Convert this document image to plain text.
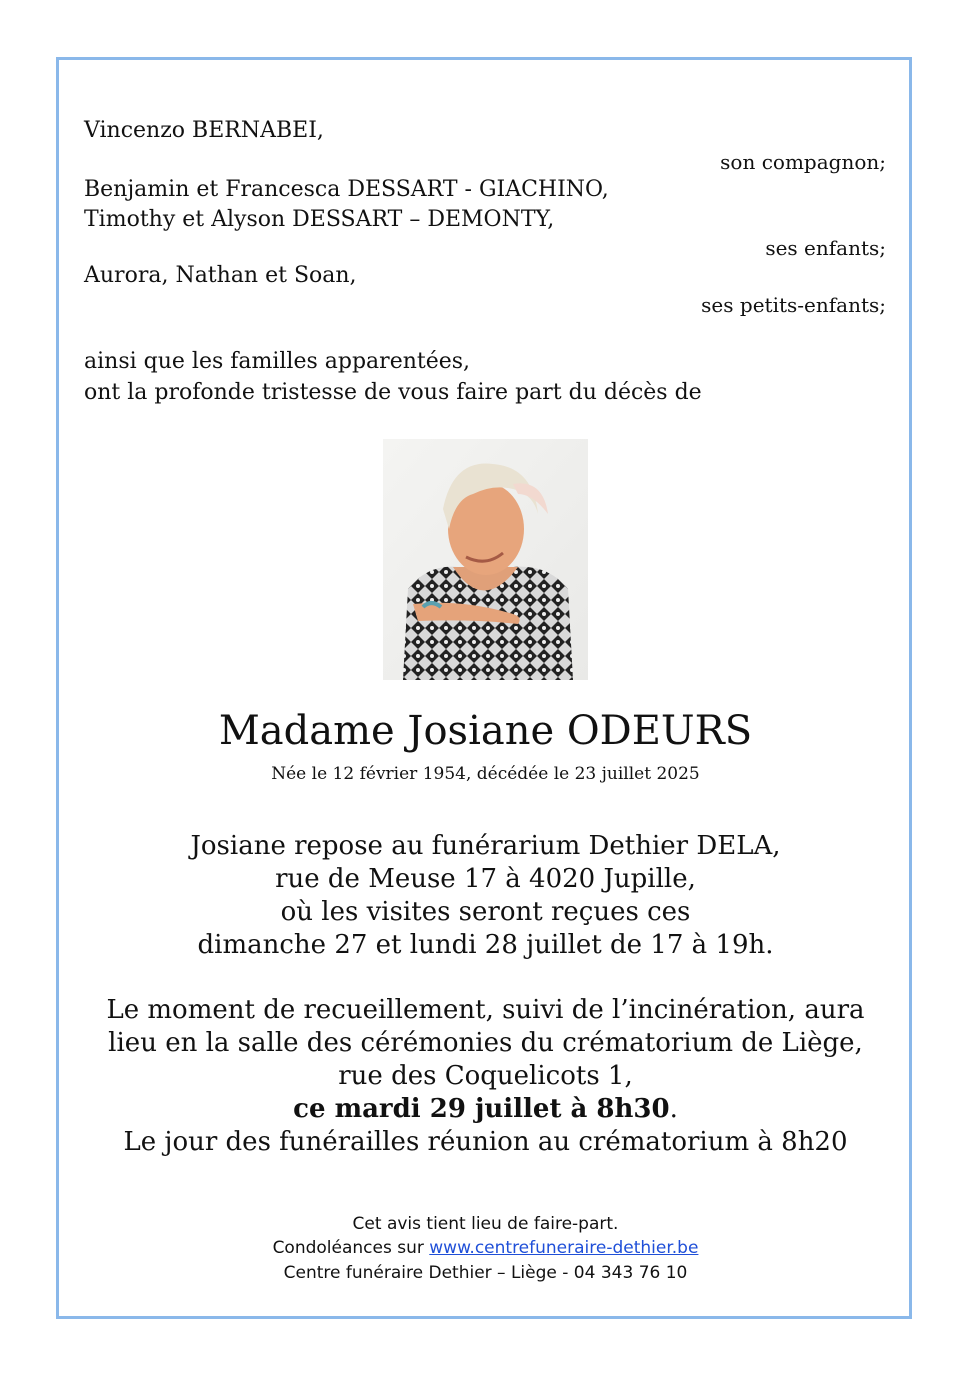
Vincenzo BERNABEI,
son compagnon;
Benjamin et Francesca DESSART - GIACHINO,
Timothy et Alyson DESSART – DEMONTY,
ses enfants;
Aurora, Nathan et Soan,
ses petits-enfants;
ainsi que les familles apparentées,
ont la profonde tristesse de vous faire part du décès de
Madame Josiane ODEURS
Née le 12 février 1954, décédée le 23 juillet 2025
Josiane repose au funérarium Dethier DELA,
rue de Meuse 17 à 4020 Jupille,
où les visites seront reçues ces
dimanche 27 et lundi 28 juillet de 17 à 19h.
Le moment de recueillement, suivi de l’incinération, aura
lieu en la salle des cérémonies du crématorium de Liège,
rue des Coquelicots 1,
ce mardi 29 juillet à 8h30.
Le jour des funérailles réunion au crématorium à 8h20
Cet avis tient lieu de faire-part.
Condoléances sur www.centrefuneraire-dethier.be
Centre funéraire Dethier – Liège - 04 343 76 10
